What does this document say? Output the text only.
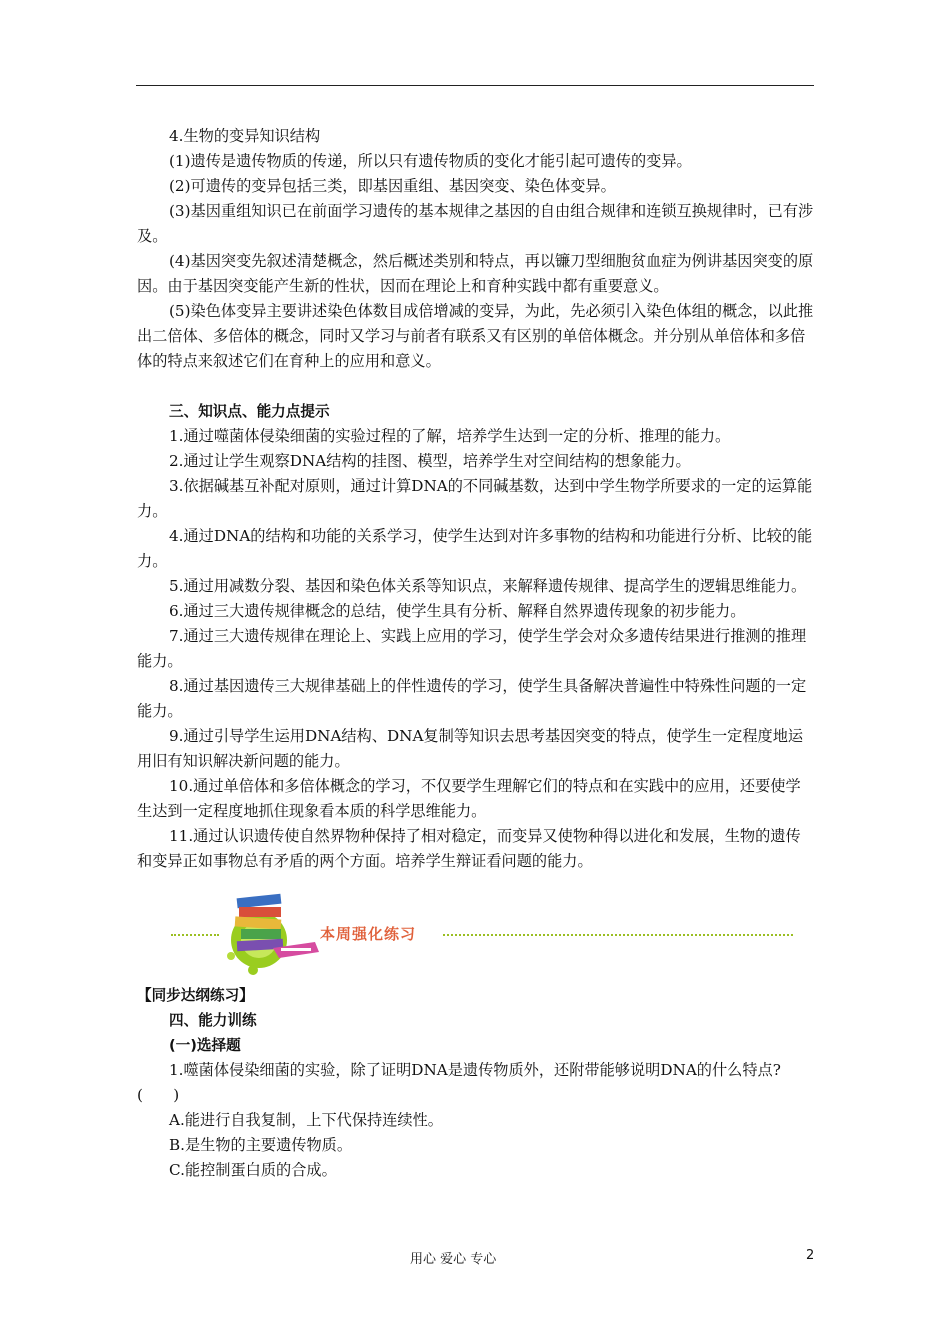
4.生物的变异知识结构

(1)遗传是遗传物质的传递，所以只有遗传物质的变化才能引起可遗传的变异。

(2)可遗传的变异包括三类，即基因重组、基因突变、染色体变异。

(3)基因重组知识已在前面学习遗传的基本规律之基因的自由组合规律和连锁互换规律时，已有涉及。

(4)基因突变先叙述清楚概念，然后概述类别和特点，再以镰刀型细胞贫血症为例讲基因突变的原因。由于基因突变能产生新的性状，因而在理论上和育种实践中都有重要意义。

(5)染色体变异主要讲述染色体数目成倍增减的变异，为此，先必须引入染色体组的概念，以此推出二倍体、多倍体的概念，同时又学习与前者有联系又有区别的单倍体概念。并分别从单倍体和多倍体的特点来叙述它们在育种上的应用和意义。

三、知识点、能力点提示

1.通过噬菌体侵染细菌的实验过程的了解，培养学生达到一定的分析、推理的能力。

2.通过让学生观察DNA结构的挂图、模型，培养学生对空间结构的想象能力。

3.依据碱基互补配对原则，通过计算DNA的不同碱基数，达到中学生物学所要求的一定的运算能力。

4.通过DNA的结构和功能的关系学习，使学生达到对许多事物的结构和功能进行分析、比较的能力。

5.通过用减数分裂、基因和染色体关系等知识点，来解释遗传规律、提高学生的逻辑思维能力。

6.通过三大遗传规律概念的总结，使学生具有分析、解释自然界遗传现象的初步能力。

7.通过三大遗传规律在理论上、实践上应用的学习，使学生学会对众多遗传结果进行推测的推理能力。

8.通过基因遗传三大规律基础上的伴性遗传的学习，使学生具备解决普遍性中特殊性问题的一定能力。

9.通过引导学生运用DNA结构、DNA复制等知识去思考基因突变的特点，使学生一定程度地运用旧有知识解决新问题的能力。

10.通过单倍体和多倍体概念的学习，不仅要学生理解它们的特点和在实践中的应用，还要使学生达到一定程度地抓住现象看本质的科学思维能力。

11.通过认识遗传使自然界物种保持了相对稳定，而变异又使物种得以进化和发展，生物的遗传和变异正如事物总有矛盾的两个方面。培养学生辩证看问题的能力。

本周强化练习

【同步达纲练习】

四、能力训练

(一)选择题

1.噬菌体侵染细菌的实验，除了证明DNA是遗传物质外，还附带能够说明DNA的什么特点?
(　　)

A.能进行自我复制，上下代保持连续性。

B.是生物的主要遗传物质。

C.能控制蛋白质的合成。

用心 爱心 专心	2
